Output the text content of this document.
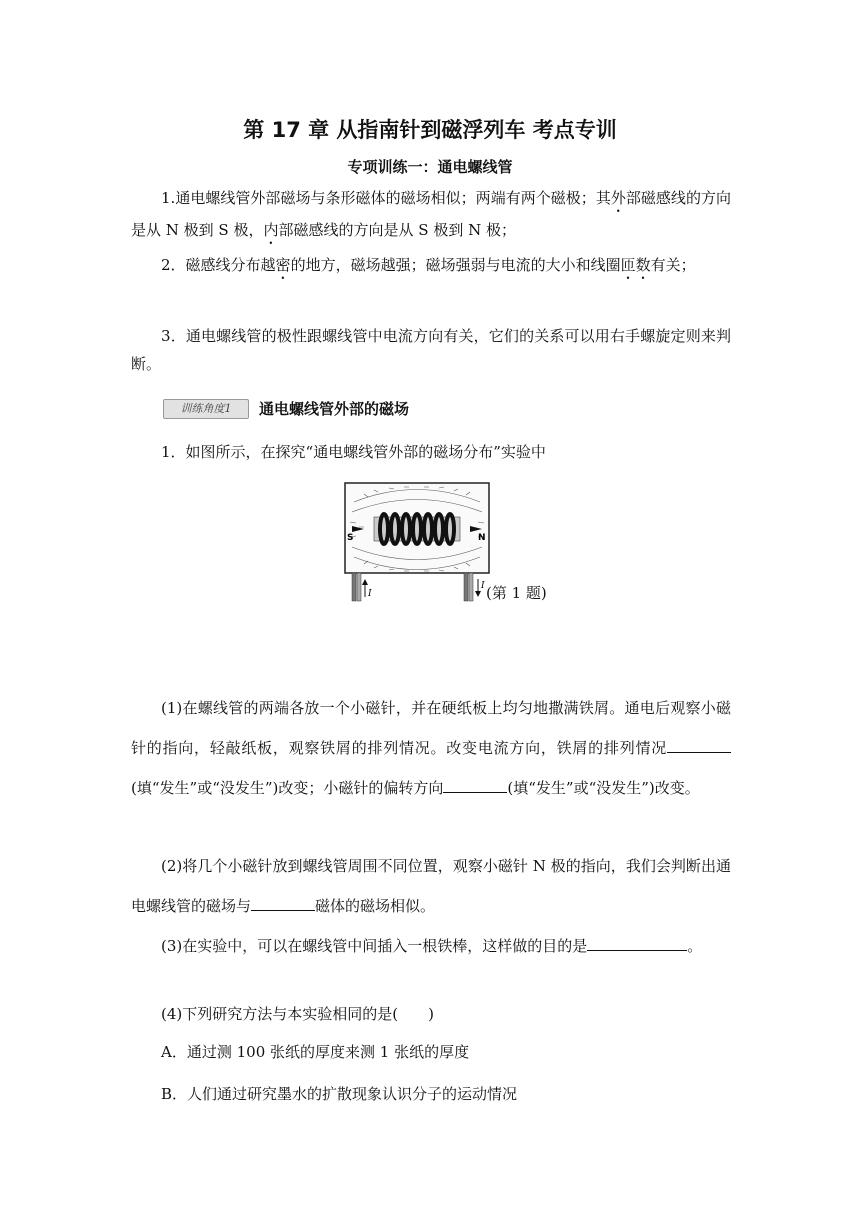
第 17 章 从指南针到磁浮列车 考点专训
专项训练一：通电螺线管
1.通电螺线管外部磁场与条形磁体的磁场相似；两端有两个磁极；其外部磁感线的方向是从 N 极到 S 极，内部磁感线的方向是从 S 极到 N 极；
2．磁感线分布越密的地方，磁场越强；磁场强弱与电流的大小和线圈匝数有关；
3．通电螺线管的极性跟螺线管中电流方向有关，它们的关系可以用右手螺旋定则来判断。
训练角度1	通电螺线管外部的磁场
1．如图所示，在探究“通电螺线管外部的磁场分布”实验中
S	N
I
I (第 1 题)
(1)在螺线管的两端各放一个小磁针，并在硬纸板上均匀地撒满铁屑。通电后观察小磁针的指向，轻敲纸板，观察铁屑的排列情况。改变电流方向，铁屑的排列情况(填“发生”或“没发生”)改变；小磁针的偏转方向	(填“发生”或“没发生”)改变。
(2)将几个小磁针放到螺线管周围不同位置，观察小磁针 N 极的指向，我们会判断出通电螺线管的磁场与	磁体的磁场相似。
(3)在实验中，可以在螺线管中间插入一根铁棒，这样做的目的是	。
(4)下列研究方法与本实验相同的是(　　)
A．通过测 100 张纸的厚度来测 1 张纸的厚度
B．人们通过研究墨水的扩散现象认识分子的运动情况
